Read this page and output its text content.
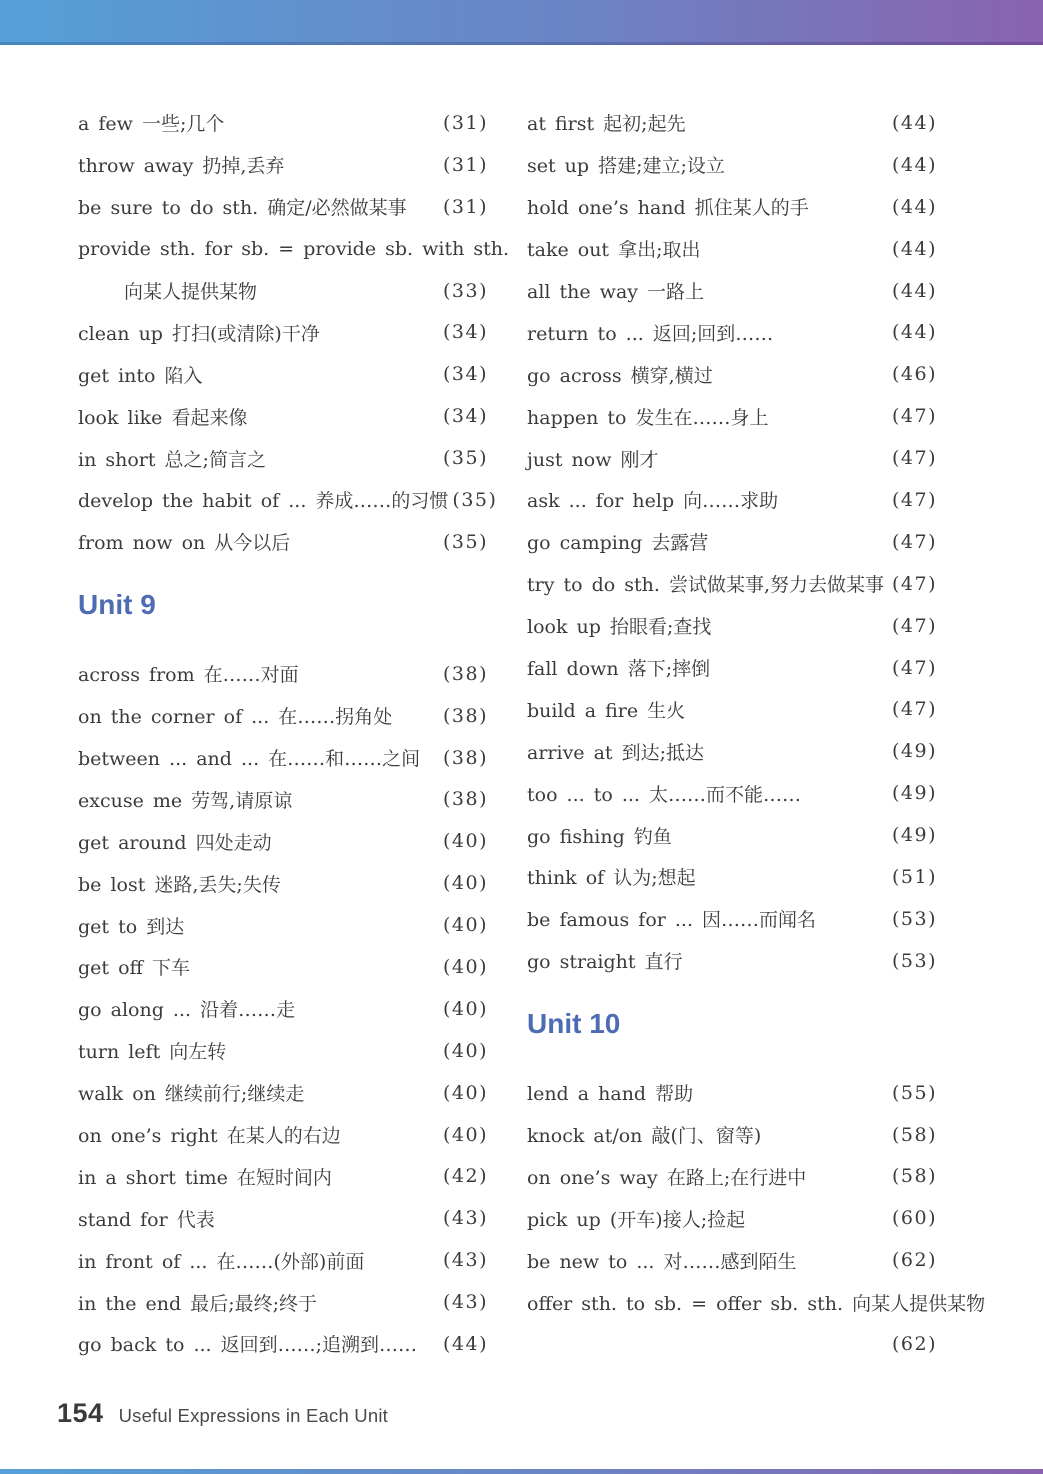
a few 一些;几个	(31)
throw away 扔掉,丢弃	(31)
be sure to do sth. 确定/必然做某事 (31)
provide sth. for sb. = provide sb. with sth.
向某人提供某物	(33)
clean up 打扫(或清除)干净	(34)
get into 陷入	(34)
look like 看起来像	(34)
in short 总之;简言之	(35)
develop the habit of ... 养成……的习惯 (35)
from now on 从今以后	(35)
Unit 9
across from 在……对面	(38)
on the corner of ... 在……拐角处	(38)
between ... and ... 在……和……之间 (38)
excuse me 劳驾,请原谅	(38)
get around 四处走动	(40)
be lost 迷路,丢失;失传	(40)
get to 到达	(40)
get off 下车	(40)
go along ... 沿着……走	(40)
turn left 向左转	(40)
walk on 继续前行;继续走	(40)
on one’s right 在某人的右边	(40)
in a short time 在短时间内	(42)
stand for 代表	(43)
in front of ... 在……(外部)前面	(43)
in the end 最后;最终;终于	(43)
go back to ... 返回到……;追溯到…… (44)
at first 起初;起先	(44)
set up 搭建;建立;设立	(44)
hold one’s hand 抓住某人的手	(44)
take out 拿出;取出	(44)
all the way 一路上	(44)
return to ... 返回;回到……	(44)
go across 横穿,横过	(46)
happen to 发生在……身上	(47)
just now 刚才	(47)
ask ... for help 向……求助	(47)
go camping 去露营	(47)
try to do sth. 尝试做某事,努力去做某事 (47)
look up 抬眼看;查找	(47)
fall down 落下;摔倒	(47)
build a fire 生火	(47)
arrive at 到达;抵达	(49)
too ... to ... 太……而不能……	(49)
go fishing 钓鱼	(49)
think of 认为;想起	(51)
be famous for ... 因……而闻名	(53)
go straight 直行	(53)
Unit 10
lend a hand 帮助	(55)
knock at/on 敲(门、窗等)	(58)
on one’s way 在路上;在行进中	(58)
pick up (开车)接人;捡起	(60)
be new to ... 对……感到陌生	(62)
offer sth. to sb. = offer sb. sth. 向某人提供某物
(62)
154 Useful Expressions in Each Unit
